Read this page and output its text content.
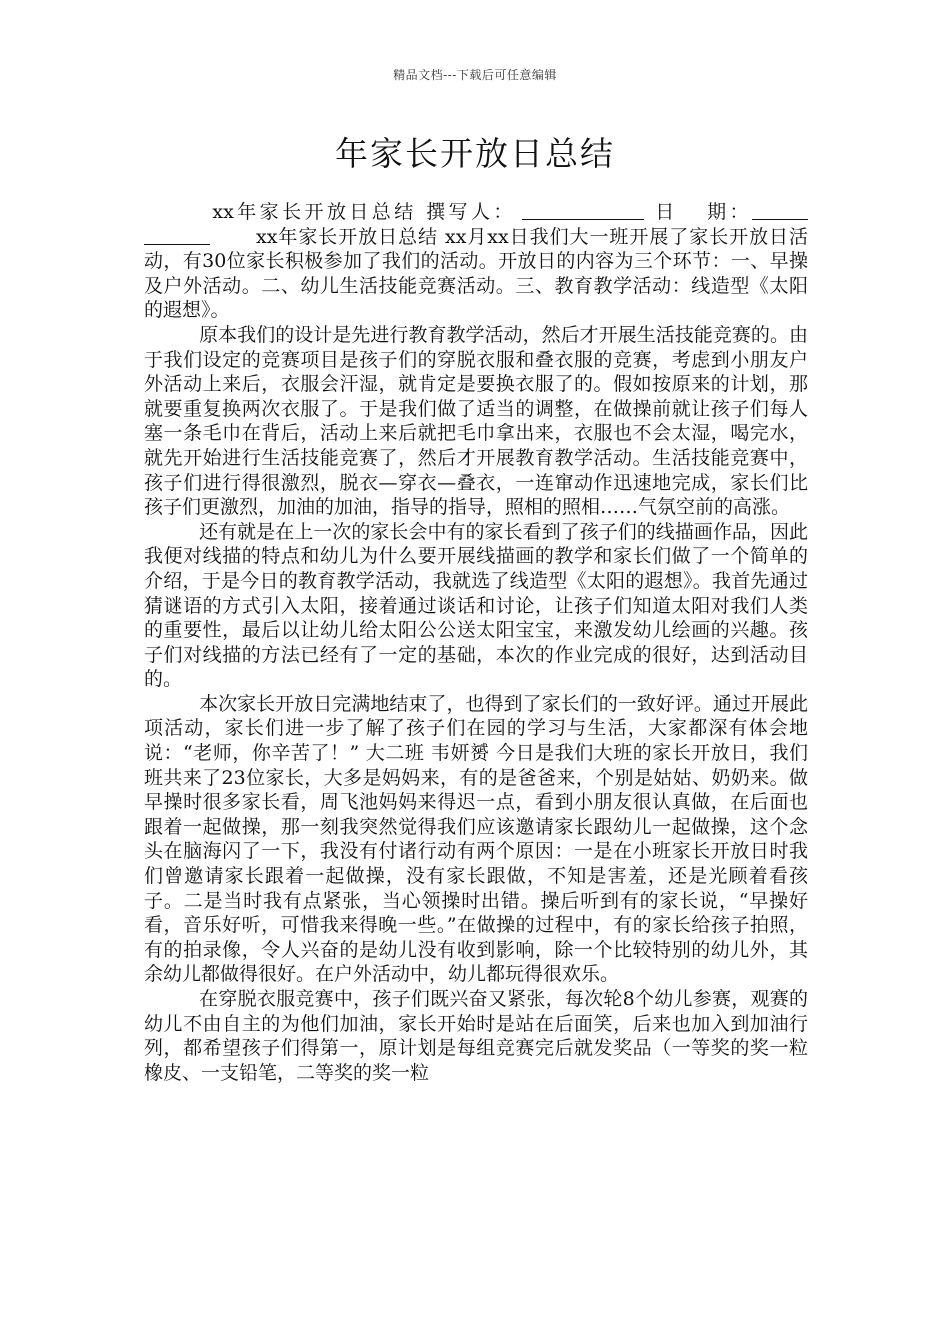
精品文档---下载后可任意编辑
年家长开放日总结
xx年家长开放日总结 撰写人：	日 期：xx年家长开放日总结 xx月xx日我们大一班开展了家长开放日活动，有30位家长积极参加了我们的活动。开放日的内容为三个环节：一、早操及户外活动。二、幼儿生活技能竞赛活动。三、教育教学活动：线造型《太阳的遐想》。

原本我们的设计是先进行教育教学活动，然后才开展生活技能竞赛的。由于我们设定的竞赛项目是孩子们的穿脱衣服和叠衣服的竞赛，考虑到小朋友户外活动上来后，衣服会汗湿，就肯定是要换衣服了的。假如按原来的计划，那就要重复换两次衣服了。于是我们做了适当的调整，在做操前就让孩子们每人塞一条毛巾在背后，活动上来后就把毛巾拿出来，衣服也不会太湿，喝完水，就先开始进行生活技能竞赛了，然后才开展教育教学活动。生活技能竞赛中，孩子们进行得很激烈，脱衣—穿衣—叠衣，一连窜动作迅速地完成，家长们比孩子们更激烈，加油的加油，指导的指导，照相的照相……气氛空前的高涨。

还有就是在上一次的家长会中有的家长看到了孩子们的线描画作品，因此我便对线描的特点和幼儿为什么要开展线描画的教学和家长们做了一个简单的介绍，于是今日的教育教学活动，我就选了线造型《太阳的遐想》。我首先通过猜谜语的方式引入太阳，接着通过谈话和讨论，让孩子们知道太阳对我们人类的重要性，最后以让幼儿给太阳公公送太阳宝宝，来激发幼儿绘画的兴趣。孩子们对线描的方法已经有了一定的基础，本次的作业完成的很好，达到活动目的。

本次家长开放日完满地结束了，也得到了家长们的一致好评。通过开展此项活动，家长们进一步了解了孩子们在园的学习与生活，大家都深有体会地说：“老师，你辛苦了！” 大二班 韦妍赟 今日是我们大班的家长开放日，我们班共来了23位家长，大多是妈妈来，有的是爸爸来，个别是姑姑、奶奶来。做早操时很多家长看，周飞池妈妈来得迟一点，看到小朋友很认真做，在后面也跟着一起做操，那一刻我突然觉得我们应该邀请家长跟幼儿一起做操，这个念头在脑海闪了一下，我没有付诸行动有两个原因：一是在小班家长开放日时我们曾邀请家长跟着一起做操，没有家长跟做，不知是害羞，还是光顾着看孩子。二是当时我有点紧张，当心领操时出错。操后听到有的家长说，“早操好看，音乐好听，可惜我来得晚一些。”在做操的过程中，有的家长给孩子拍照，有的拍录像，令人兴奋的是幼儿没有收到影响，除一个比较特别的幼儿外，其余幼儿都做得很好。在户外活动中，幼儿都玩得很欢乐。

在穿脱衣服竞赛中，孩子们既兴奋又紧张，每次轮8个幼儿参赛，观赛的幼儿不由自主的为他们加油，家长开始时是站在后面笑，后来也加入到加油行列，都希望孩子们得第一，原计划是每组竞赛完后就发奖品（一等奖的奖一粒橡皮、一支铅笔，二等奖的奖一粒
